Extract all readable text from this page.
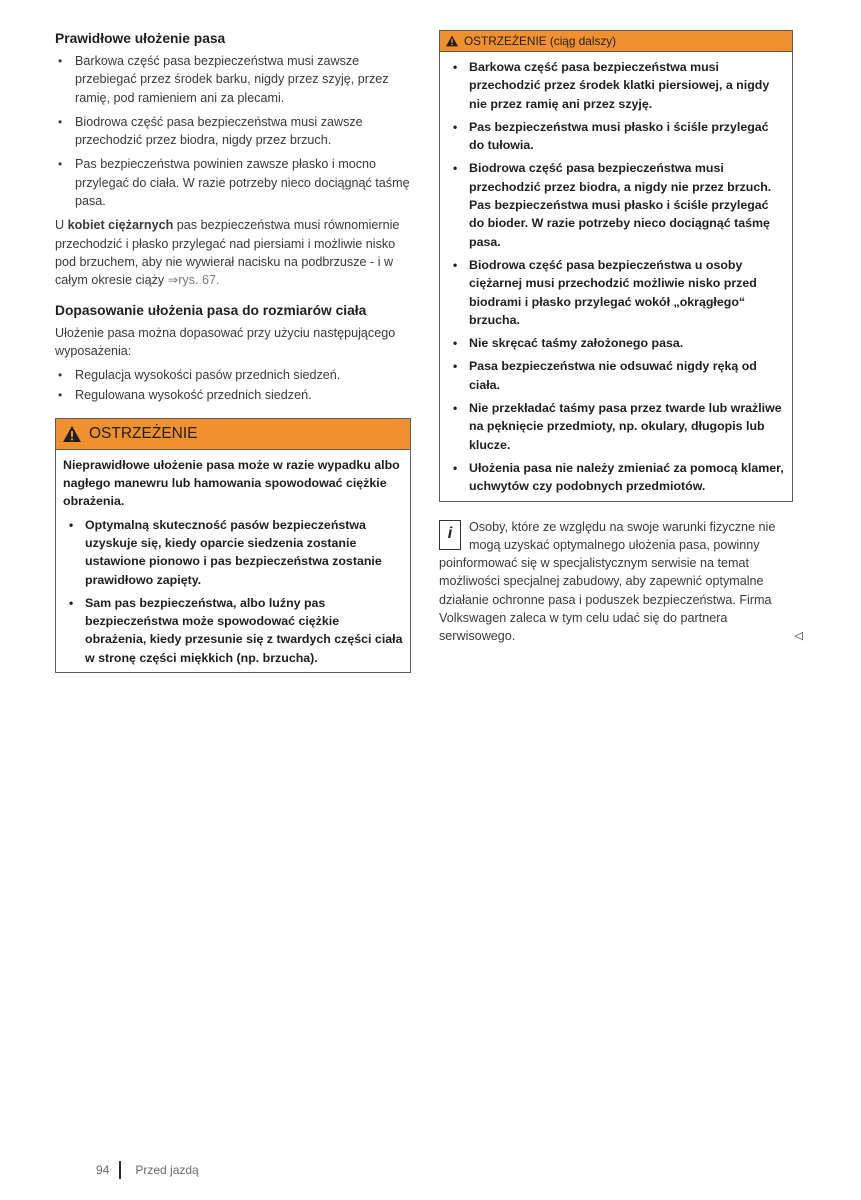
Prawidłowe ułożenie pasa
•	Barkowa część pasa bezpieczeństwa musi zawsze przebiegać przez środek barku, nigdy przez szyję, przez ramię, pod ramieniem ani za plecami.
•	Biodrowa część pasa bezpieczeństwa musi zawsze przechodzić przez biodra, nigdy przez brzuch.
•	Pas bezpieczeństwa powinien zawsze płasko i mocno przylegać do ciała. W razie potrzeby nieco dociągnąć taśmę pasa.

U kobiet ciężarnych pas bezpieczeństwa musi równomiernie przechodzić i płasko przylegać nad piersiami i możliwie nisko pod brzuchem, aby nie wywierał nacisku na podbrzusze - i w całym okresie ciąży ⇒rys. 67.

Dopasowanie ułożenia pasa do rozmiarów ciała

Ułożenie pasa można dopasować przy użyciu następującego wyposażenia:

•	Regulacja wysokości pasów przednich siedzeń.
•	Regulowana wysokość przednich siedzeń.
OSTRZEŻENIE

Nieprawidłowe ułożenie pasa może w razie wypadku albo nagłego manewru lub hamowania spowodować ciężkie obrażenia.

• Optymalną skuteczność pasów bezpieczeństwa uzyskuje się, kiedy oparcie siedzenia zostanie ustawione pionowo i pas bezpieczeństwa zostanie prawidłowo zapięty.
• Sam pas bezpieczeństwa, albo luźny pas bezpieczeństwa może spowodować ciężkie obrażenia, kiedy przesunie się z twardych części ciała w stronę części miękkich (np. brzucha).
OSTRZEŻENIE (ciąg dalszy)
• Barkowa część pasa bezpieczeństwa musi przechodzić przez środek klatki piersiowej, a nigdy nie przez ramię ani przez szyję.
• Pas bezpieczeństwa musi płasko i ściśle przylegać do tułowia.
• Biodrowa część pasa bezpieczeństwa musi przechodzić przez biodra, a nigdy nie przez brzuch. Pas bezpieczeństwa musi płasko i ściśle przylegać do bioder. W razie potrzeby nieco dociągnąć taśmę pasa.
• Biodrowa część pasa bezpieczeństwa u osoby ciężarnej musi przechodzić możliwie nisko przed biodrami i płasko przylegać wokół „okrągłego“ brzucha.
• Nie skręcać taśmy założonego pasa.
• Pasa bezpieczeństwa nie odsuwać nigdy ręką od ciała.
• Nie przekładać taśmy pasa przez twarde lub wrażliwe na pęknięcie przedmioty, np. okulary, długopis lub klucze.
• Ułożenia pasa nie należy zmieniać za pomocą klamer, uchwytów czy podobnych przedmiotów.
i	Osoby, które ze względu na swoje warunki fizyczne nie mogą uzyskać optymalnego ułożenia pasa, powinny poinformować się w specjalistycznym serwisie na temat możliwości specjalnej zabudowy, aby zapewnić optymalne działanie ochronne pasa i poduszek bezpieczeństwa. Firma Volkswagen zaleca w tym celu udać się do partnera serwisowego.	◁
94 Przed jazdą
